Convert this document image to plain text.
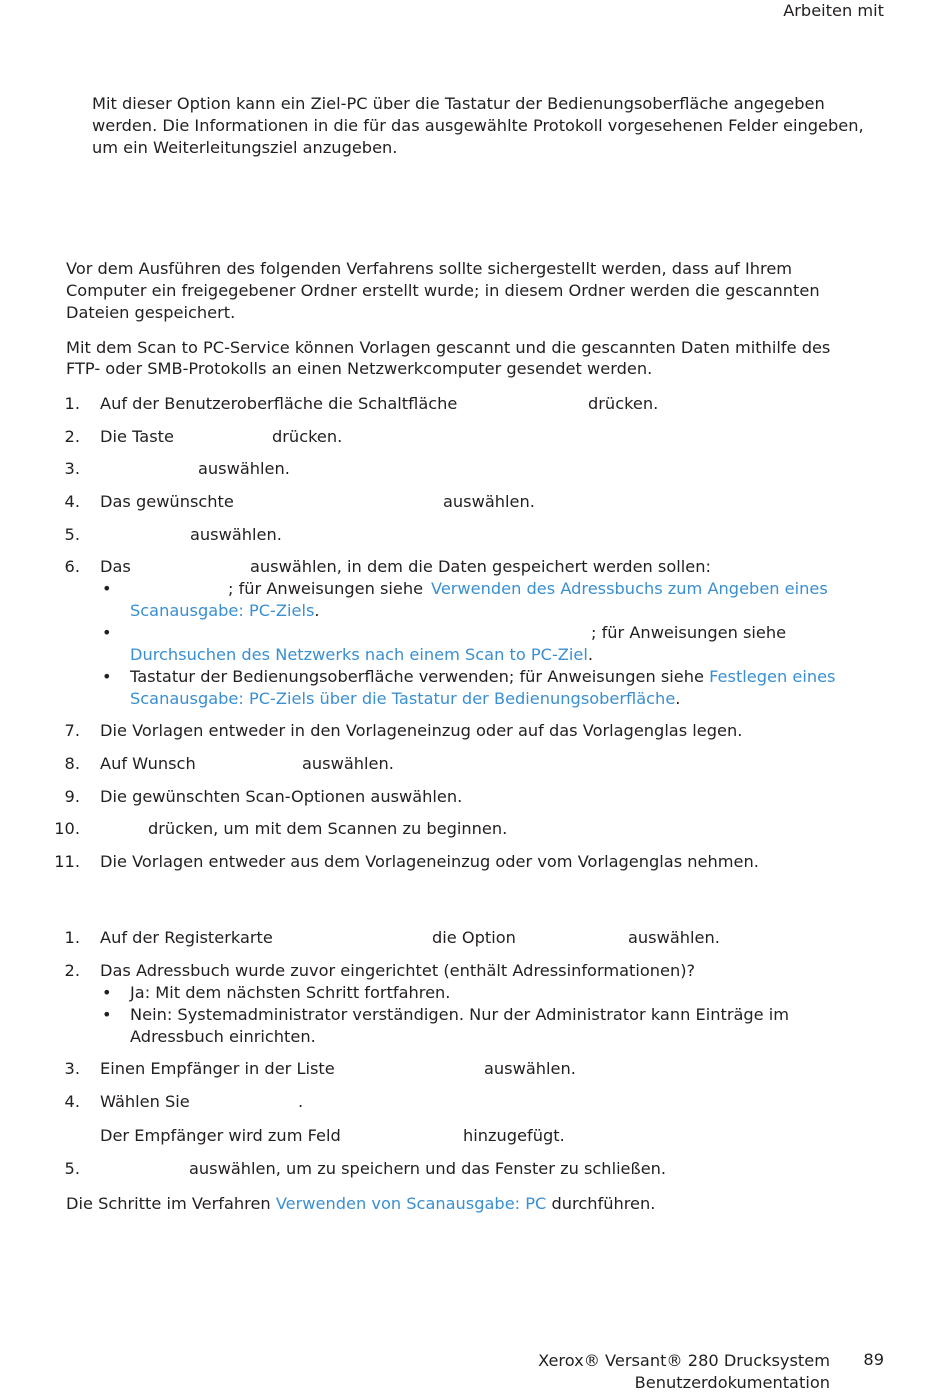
Arbeiten mit
Mit dieser Option kann ein Ziel-PC über die Tastatur der Bedienungsoberfläche angegeben
werden. Die Informationen in die für das ausgewählte Protokoll vorgesehenen Felder eingeben,
um ein Weiterleitungsziel anzugeben.
Vor dem Ausführen des folgenden Verfahrens sollte sichergestellt werden, dass auf Ihrem
Computer ein freigegebener Ordner erstellt wurde; in diesem Ordner werden die gescannten
Dateien gespeichert.
Mit dem Scan to PC-Service können Vorlagen gescannt und die gescannten Daten mithilfe des
FTP- oder SMB-Protokolls an einen Netzwerkcomputer gesendet werden.
1. Auf der Benutzeroberfläche die Schaltfläche	drücken.
2. Die Taste	drücken.
3.	auswählen.
4. Das gewünschte	auswählen.
5.	auswählen.
6. Das	auswählen, in dem die Daten gespeichert werden sollen:
•	; für Anweisungen siehe Verwenden des Adressbuchs zum Angeben eines
Scanausgabe: PC-Ziels.
•	; für Anweisungen siehe
Durchsuchen des Netzwerks nach einem Scan to PC-Ziel.
• Tastatur der Bedienungsoberfläche verwenden; für Anweisungen siehe Festlegen eines
Scanausgabe: PC-Ziels über die Tastatur der Bedienungsoberfläche.
7. Die Vorlagen entweder in den Vorlageneinzug oder auf das Vorlagenglas legen.
8. Auf Wunsch	auswählen.
9. Die gewünschten Scan-Optionen auswählen.
10.	drücken, um mit dem Scannen zu beginnen.
11. Die Vorlagen entweder aus dem Vorlageneinzug oder vom Vorlagenglas nehmen.
1. Auf der Registerkarte	die Option	auswählen.
2. Das Adressbuch wurde zuvor eingerichtet (enthält Adressinformationen)?
• Ja: Mit dem nächsten Schritt fortfahren.
• Nein: Systemadministrator verständigen. Nur der Administrator kann Einträge im
Adressbuch einrichten.
3. Einen Empfänger in der Liste	auswählen.
4. Wählen Sie	.
Der Empfänger wird zum Feld	hinzugefügt.
5.	auswählen, um zu speichern und das Fenster zu schließen.
Die Schritte im Verfahren Verwenden von Scanausgabe: PC durchführen.
Xerox® Versant® 280 Drucksystem
Benutzerdokumentation
89
